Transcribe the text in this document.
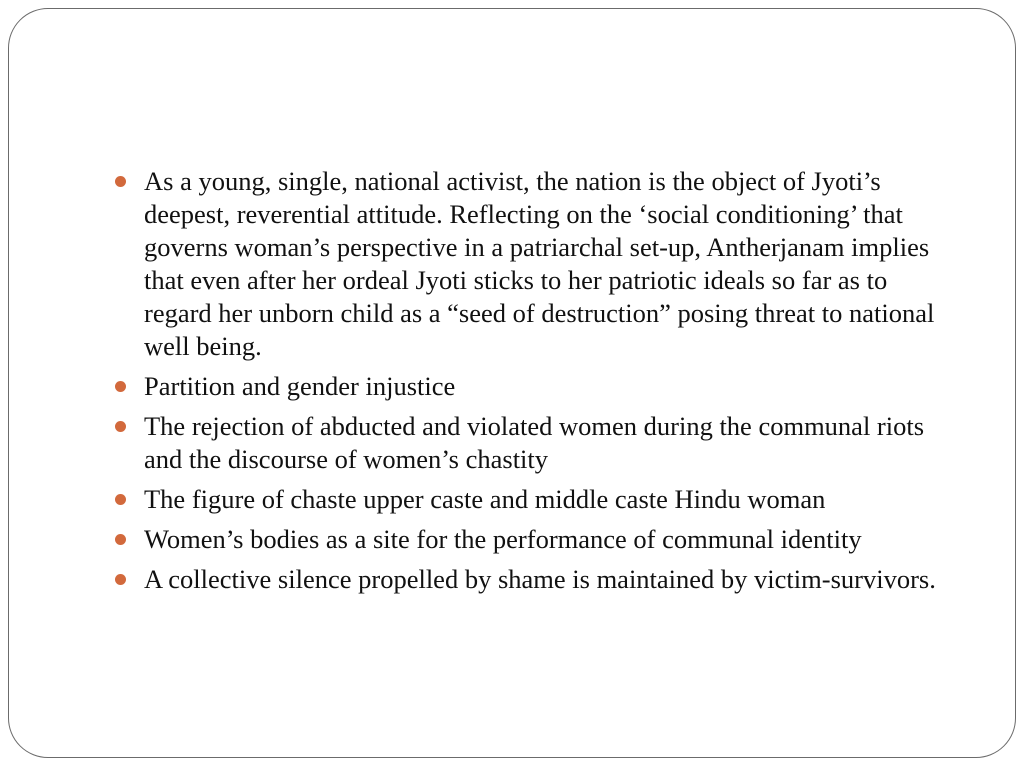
As a young, single, national activist, the nation is the object of Jyoti’s deepest, reverential attitude. Reflecting on the ‘social conditioning’ that governs woman’s perspective in a patriarchal set-up, Antherjanam implies that even after her ordeal Jyoti sticks to her patriotic ideals so far as to regard her unborn child as a “seed of destruction” posing threat to national well being.
Partition and gender injustice
The rejection of abducted and violated women during the communal riots and the discourse of women’s chastity
The figure of chaste upper caste and middle caste Hindu woman
Women’s bodies as a site for the performance of communal identity
A collective silence propelled by shame is maintained by victim-survivors.
